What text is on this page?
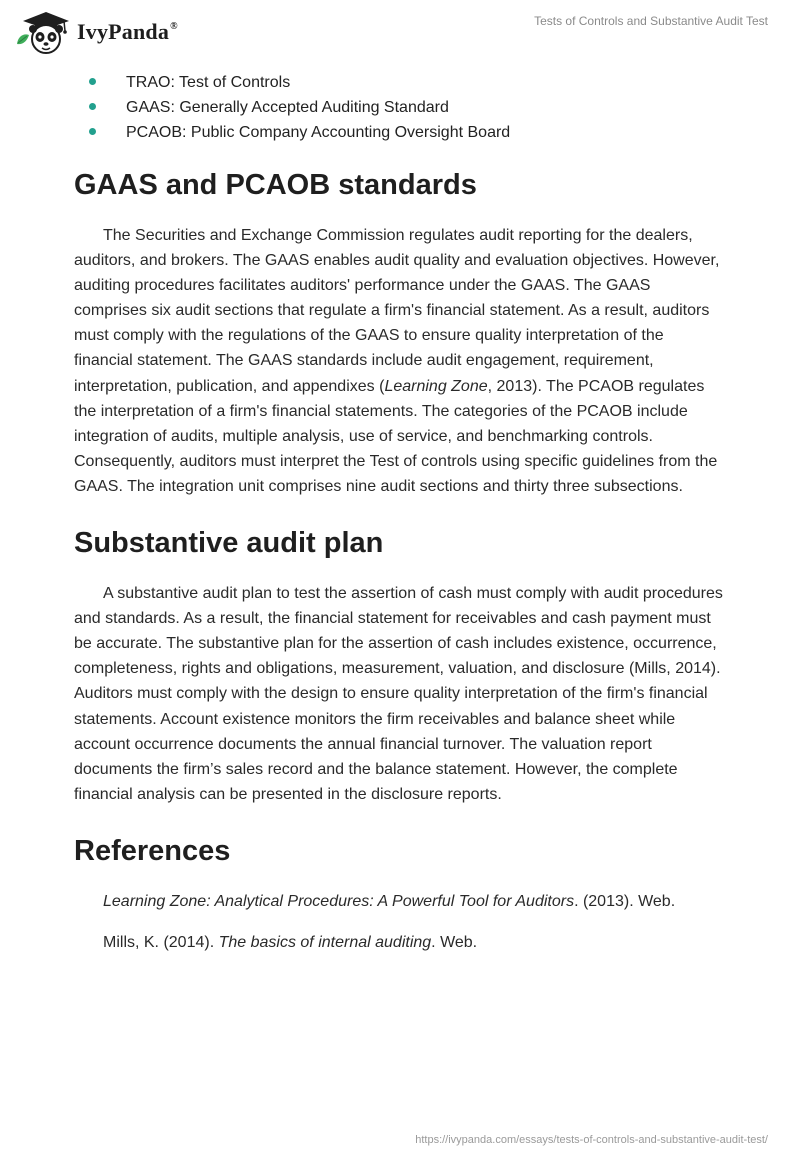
IvyPanda®	Tests of Controls and Substantive Audit Test
TRAO: Test of Controls
GAAS: Generally Accepted Auditing Standard
PCAOB: Public Company Accounting Oversight Board
GAAS and PCAOB standards

The Securities and Exchange Commission regulates audit reporting for the dealers, auditors, and brokers. The GAAS enables audit quality and evaluation objectives. However, auditing procedures facilitates auditors' performance under the GAAS. The GAAS comprises six audit sections that regulate a firm's financial statement. As a result, auditors must comply with the regulations of the GAAS to ensure quality interpretation of the financial statement. The GAAS standards include audit engagement, requirement, interpretation, publication, and appendixes (Learning Zone, 2013). The PCAOB regulates the interpretation of a firm's financial statements. The categories of the PCAOB include integration of audits, multiple analysis, use of service, and benchmarking controls. Consequently, auditors must interpret the Test of controls using specific guidelines from the GAAS. The integration unit comprises nine audit sections and thirty three subsections.

Substantive audit plan

A substantive audit plan to test the assertion of cash must comply with audit procedures and standards. As a result, the financial statement for receivables and cash payment must be accurate. The substantive plan for the assertion of cash includes existence, occurrence, completeness, rights and obligations, measurement, valuation, and disclosure (Mills, 2014). Auditors must comply with the design to ensure quality interpretation of the firm's financial statements. Account existence monitors the firm receivables and balance sheet while account occurrence documents the annual financial turnover. The valuation report documents the firm’s sales record and the balance statement. However, the complete financial analysis can be presented in the disclosure reports.

References

Learning Zone: Analytical Procedures: A Powerful Tool for Auditors. (2013). Web.

Mills, K. (2014). The basics of internal auditing. Web.

https://ivypanda.com/essays/tests-of-controls-and-substantive-audit-test/
